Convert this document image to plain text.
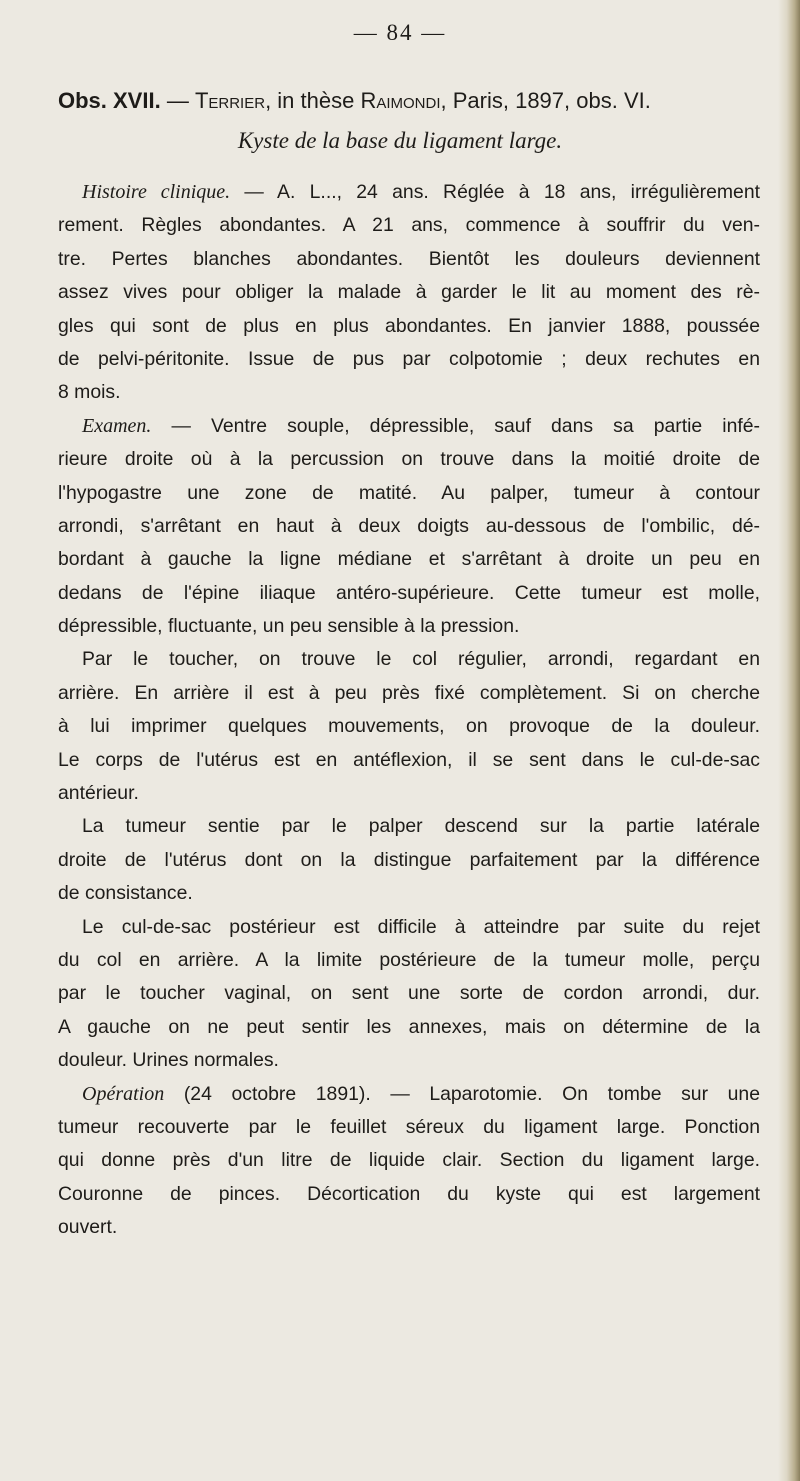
— 84 —
Obs. XVII. — Terrier, in thèse Raimondi, Paris, 1897, obs. VI.
Kyste de la base du ligament large.
Histoire clinique. — A. L..., 24 ans. Réglée à 18 ans, irrégulièrement
rement. Règles abondantes. A 21 ans, commence à souffrir du ven-
tre. Pertes blanches abondantes. Bientôt les douleurs deviennent
assez vives pour obliger la malade à garder le lit au moment des rè-
gles qui sont de plus en plus abondantes. En janvier 1888, poussée
de pelvi-péritonite. Issue de pus par colpotomie ; deux rechutes en
8 mois.
Examen. — Ventre souple, dépressible, sauf dans sa partie infé-
rieure droite où à la percussion on trouve dans la moitié droite de
l'hypogastre une zone de matité. Au palper, tumeur à contour
arrondi, s'arrêtant en haut à deux doigts au-dessous de l'ombilic, dé-
bordant à gauche la ligne médiane et s'arrêtant à droite un peu en
dedans de l'épine iliaque antéro-supérieure. Cette tumeur est molle,
dépressible, fluctuante, un peu sensible à la pression.
Par le toucher, on trouve le col régulier, arrondi, regardant en
arrière. En arrière il est à peu près fixé complètement. Si on cherche
à lui imprimer quelques mouvements, on provoque de la douleur.
Le corps de l'utérus est en antéflexion, il se sent dans le cul-de-sac
antérieur.
La tumeur sentie par le palper descend sur la partie latérale
droite de l'utérus dont on la distingue parfaitement par la différence
de consistance.
Le cul-de-sac postérieur est difficile à atteindre par suite du rejet
du col en arrière. A la limite postérieure de la tumeur molle, perçu
par le toucher vaginal, on sent une sorte de cordon arrondi, dur.
A gauche on ne peut sentir les annexes, mais on détermine de la
douleur. Urines normales.
Opération (24 octobre 1891). — Laparotomie. On tombe sur une
tumeur recouverte par le feuillet séreux du ligament large. Ponction
qui donne près d'un litre de liquide clair. Section du ligament large.
Couronne de pinces. Décortication du kyste qui est largement
ouvert.
